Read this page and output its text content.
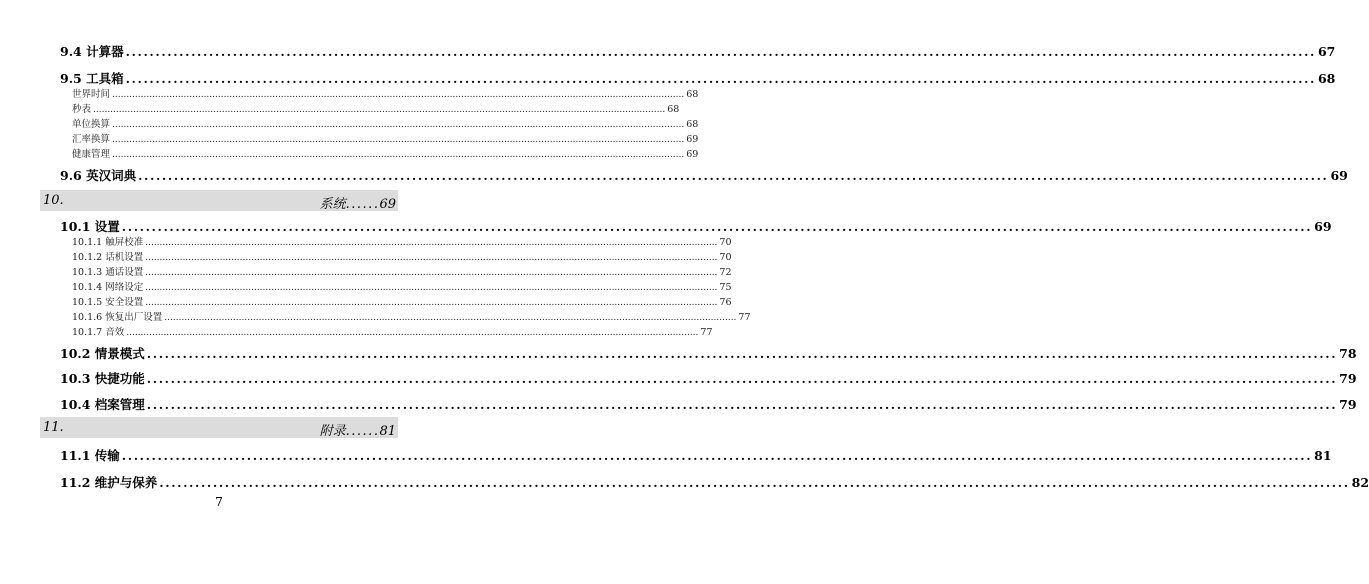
9.4 计算器 ........................................................................................................................................................................................................ 67
9.5 工具箱 ........................................................................................................................................................................................................ 68
世界时间 ........................................................................................................................................................................................................ 68
秒表 ........................................................................................................................................................................................................ 68
单位换算 ........................................................................................................................................................................................................ 68
汇率换算 ........................................................................................................................................................................................................ 69
健康管理 ........................................................................................................................................................................................................ 69
9.6 英汉词典 ........................................................................................................................................................................................................ 69
10.	系统......69
10.1 设置 ........................................................................................................................................................................................................ 69
10.1.1 触屏校准 ........................................................................................................................................................................................................ 70
10.1.2 话机设置 ........................................................................................................................................................................................................ 70
10.1.3 通话设置 ........................................................................................................................................................................................................ 72
10.1.4 网络设定 ........................................................................................................................................................................................................ 75
10.1.5 安全设置 ........................................................................................................................................................................................................ 76
10.1.6 恢复出厂设置 ........................................................................................................................................................................................................ 77
10.1.7 音效 ........................................................................................................................................................................................................ 77
10.2 情景模式 ........................................................................................................................................................................................................ 78
10.3 快捷功能 ........................................................................................................................................................................................................ 79
10.4 档案管理 ........................................................................................................................................................................................................ 79
11.	附录......81
11.1 传输 ........................................................................................................................................................................................................ 81
11.2 维护与保养 ........................................................................................................................................................................................................ 82
7
